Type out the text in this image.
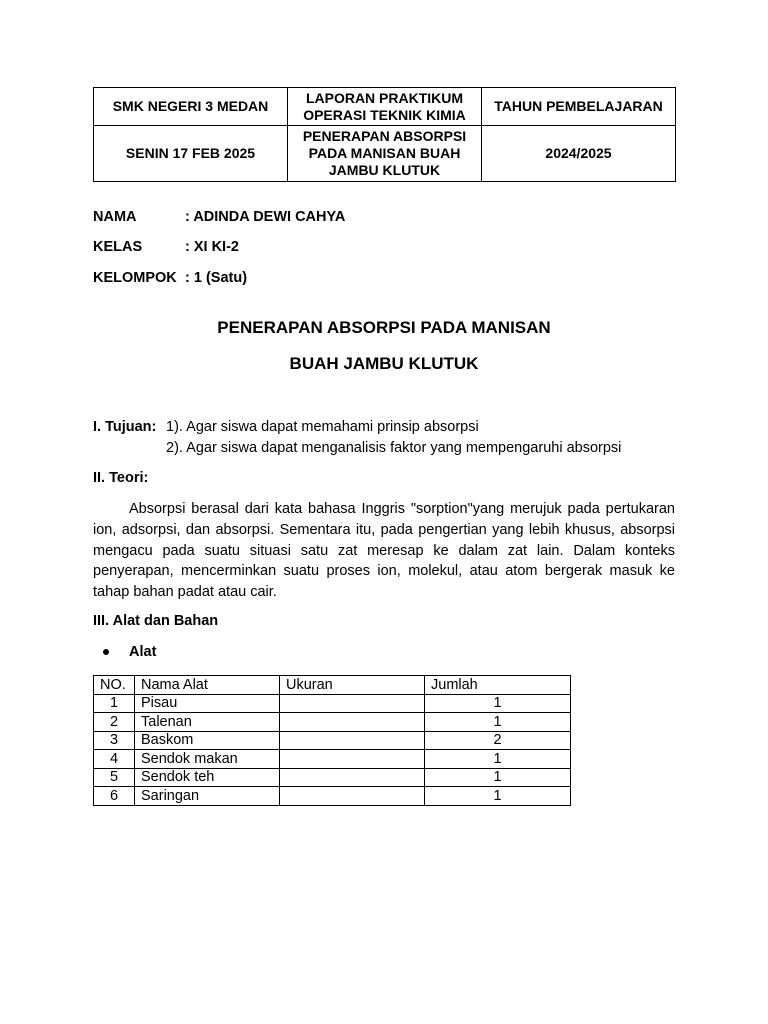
SMK NEGERI 3 MEDAN	LAPORAN PRAKTIKUM OPERASI TEKNIK KIMIA	TAHUN PEMBELAJARAN
SENIN 17 FEB 2025	PENERAPAN ABSORPSI PADA MANISAN BUAH JAMBU KLUTUK	2024/2025
NAMA	: ADINDA DEWI CAHYA
KELAS	: XI KI-2
KELOMPOK : 1 (Satu)
PENERAPAN ABSORPSI PADA MANISAN
BUAH JAMBU KLUTUK
I. Tujuan: 1). Agar siswa dapat memahami prinsip absorpsi
2). Agar siswa dapat menganalisis faktor yang mempengaruhi absorpsi
II. Teori:

Absorpsi berasal dari kata bahasa Inggris "sorption"yang merujuk pada pertukaran ion, adsorpsi, dan absorpsi. Sementara itu, pada pengertian yang lebih khusus, absorpsi mengacu pada suatu situasi satu zat meresap ke dalam zat lain. Dalam konteks penyerapan, mencerminkan suatu proses ion, molekul, atau atom bergerak masuk ke tahap bahan padat atau cair.

III. Alat dan Bahan
Alat
NO.	Nama Alat	Ukuran	Jumlah
1	Pisau		1
2	Talenan		1
3	Baskom		2
4	Sendok makan		1
5	Sendok teh		1
6	Saringan		1
